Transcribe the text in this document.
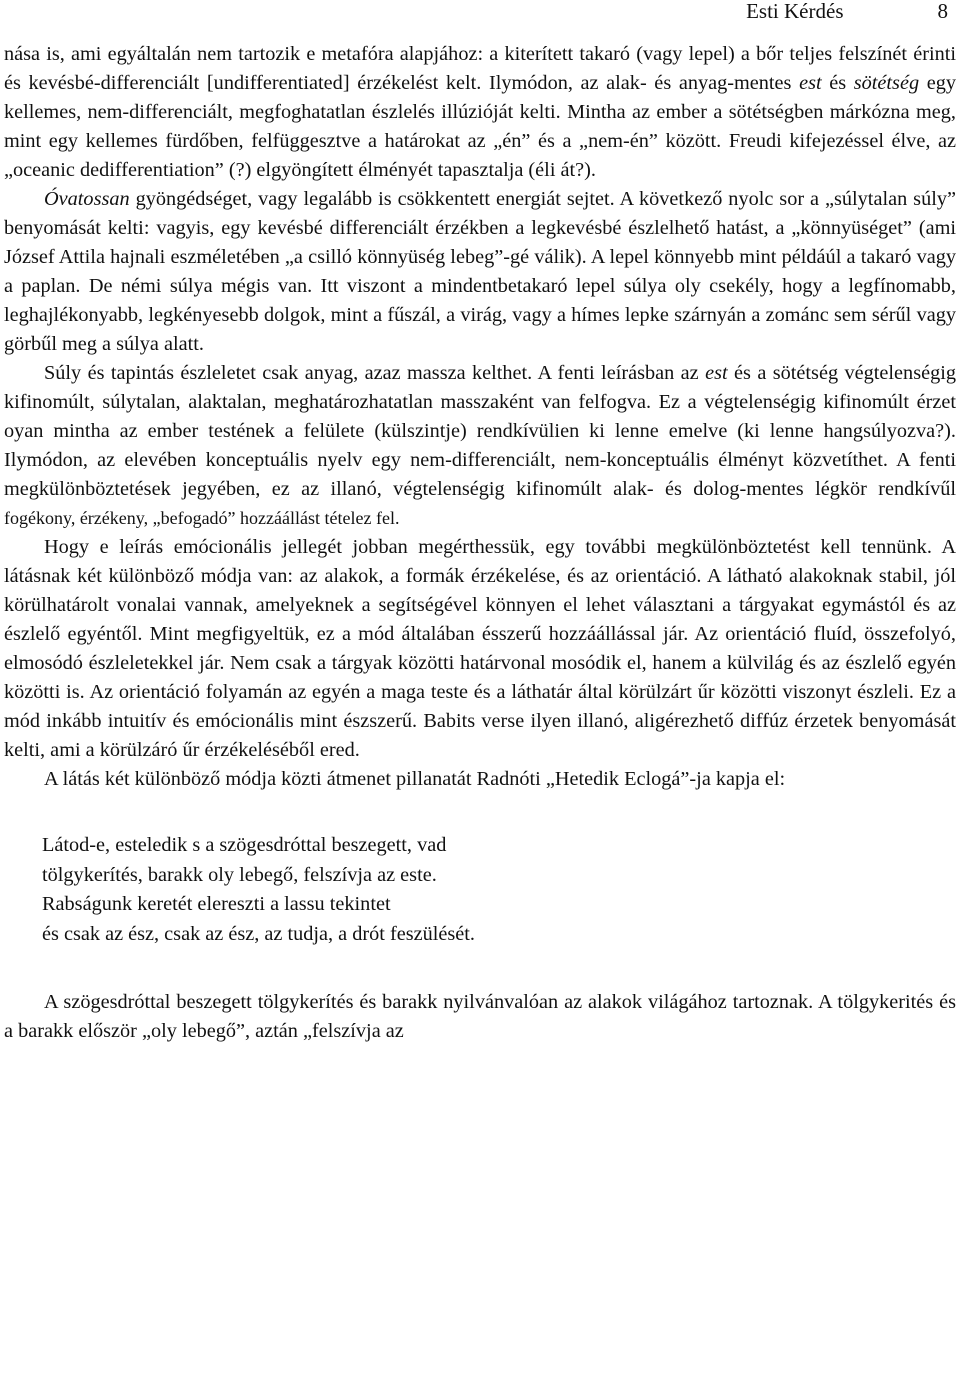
Esti Kérdés	8

nása is, ami egyáltalán nem tartozik e metafóra alapjához: a kiterített takaró (vagy lepel) a bőr teljes felszínét érinti és kevésbé-differenciált [undifferentiated] érzékelést kelt. Ilymódon, az alak- és anyag-mentes est és sötétség egy kellemes, nem-differenciált, megfoghatatlan észlelés illúzióját kelti. Mintha az ember a sötétségben márkózna meg, mint egy kellemes fürdőben, felfüggesztve a határokat az „én” és a „nem-én” között. Freudi kifejezéssel élve, az „oceanic dedifferentiation” (?) elgyöngített élményét tapasztalja (éli át?).

Óvatossan gyöngédséget, vagy legalább is csökkentett energiát sejtet. A következő nyolc sor a „súlytalan súly” benyomását kelti: vagyis, egy kevésbé differenciált érzékben a legkevésbé észlelhető hatást, a „könnyüséget” (ami József Attila hajnali eszméletében „a csilló könnyüség lebeg”-gé válik). A lepel könnyebb mint példáúl a takaró vagy a paplan. De némi súlya mégis van. Itt viszont a mindentbetakaró lepel súlya oly csekély, hogy a legfínomabb, leghajlékonyabb, legkényesebb dolgok, mint a fűszál, a virág, vagy a hímes lepke szárnyán a zománc sem sérűl vagy görbűl meg a súlya alatt.

Súly és tapintás észleletet csak anyag, azaz massza kelthet. A fenti leírásban az est és a sötétség végtelenségig kifinomúlt, súlytalan, alaktalan, meghatározhatatlan masszaként van felfogva. Ez a végtelenségig kifinomúlt érzet oyan mintha az ember testének a felülete (külszintje) rendkívülien ki lenne emelve (ki lenne hangsúlyozva?). Ilymódon, az elevében konceptuális nyelv egy nem-differenciált, nem-konceptuális élményt közvetíthet. A fenti megkülönböztetések jegyében, ez az illanó, végtelenségig kifinomúlt alak- és dolog-mentes légkör rendkívűl fogékony, érzékeny, „befogadó” hozzáállást tételez fel.

Hogy e leírás emócionális jellegét jobban megérthessük, egy további megkülönböztetést kell tennünk. A látásnak két különböző módja van: az alakok, a formák érzékelése, és az orientáció. A látható alakoknak stabil, jól körülhatárolt vonalai vannak, amelyeknek a segítségével könnyen el lehet választani a tárgyakat egymástól és az észlelő egyéntől. Mint megfigyeltük, ez a mód általában ésszerű hozzáállással jár. Az orientáció fluíd, összefolyó, elmosódó észleletekkel jár. Nem csak a tárgyak közötti határvonal mosódik el, hanem a külvilág és az észlelő egyén közötti is. Az orientáció folyamán az egyén a maga teste és a láthatár által körülzárt űr közötti viszonyt észleli. Ez a mód inkább intuitív és emócionális mint észszerű. Babits verse ilyen illanó, aligérezhető diffúz érzetek benyomását kelti, ami a körülzáró űr érzékeléséből ered.

A látás két különböző módja közti átmenet pillanatát Radnóti „Hetedik Eclogá”-ja kapja el:

Látod-e, esteledik s a szögesdróttal beszegett, vad
tölgykerítés, barakk oly lebegő, felszívja az este.
Rabságunk keretét elereszti a lassu tekintet
és csak az ész, csak az ész, az tudja, a drót feszülését.

A szögesdróttal beszegett tölgykerítés és barakk nyilvánvalóan az alakok világához tartoznak. A tölgykerités és a barakk először „oly lebegő”, aztán „felszívja az
